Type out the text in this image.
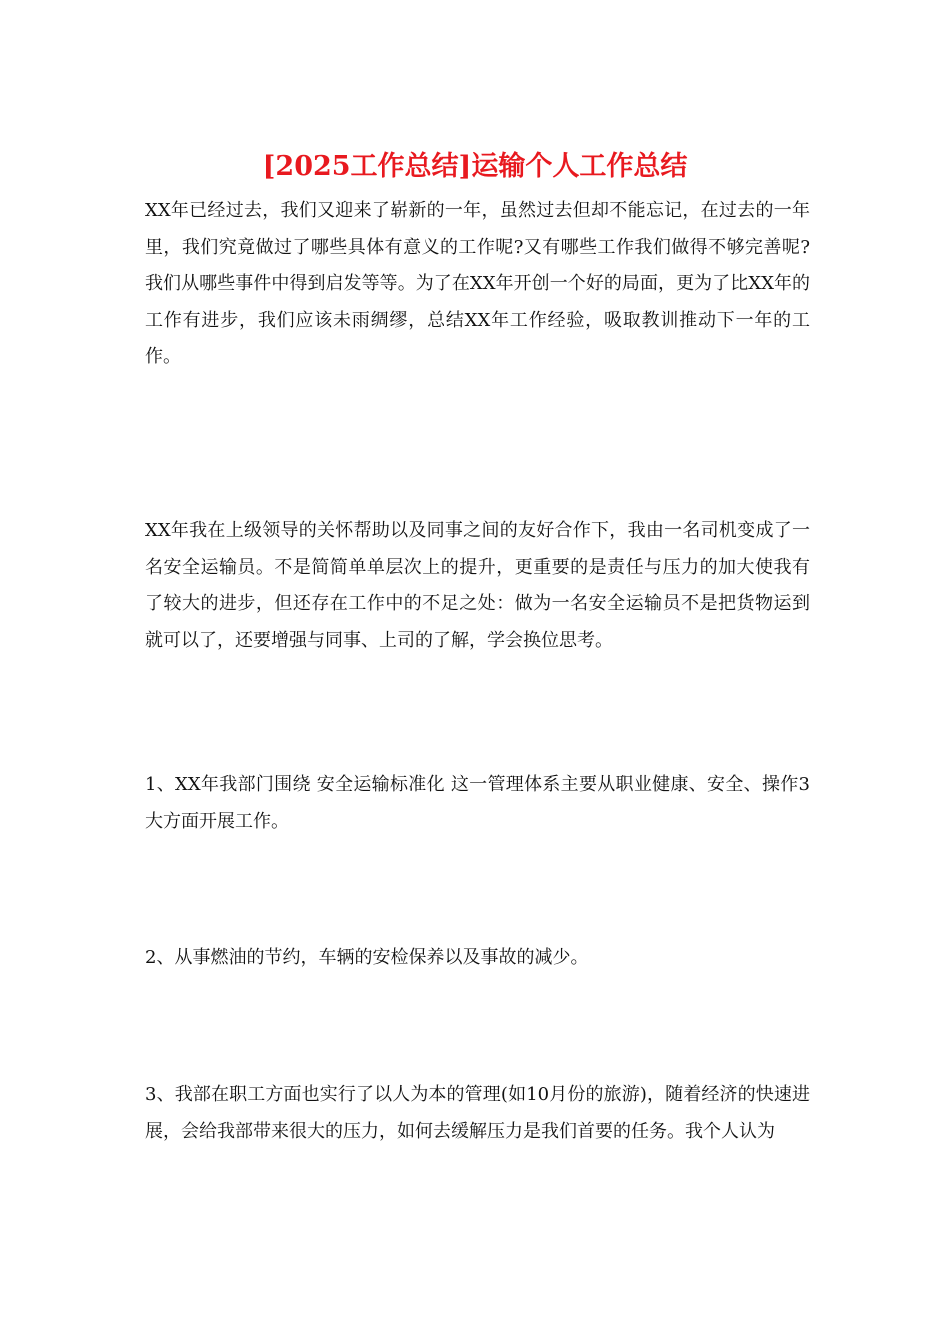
[2025工作总结]运输个人工作总结

XX年已经过去，我们又迎来了崭新的一年，虽然过去但却不能忘记，在过去的一年里，我们究竟做过了哪些具体有意义的工作呢?又有哪些工作我们做得不够完善呢?我们从哪些事件中得到启发等等。为了在XX年开创一个好的局面，更为了比XX年的工作有进步，我们应该未雨绸缪，总结XX年工作经验，吸取教训推动下一年的工作。

XX年我在上级领导的关怀帮助以及同事之间的友好合作下，我由一名司机变成了一名安全运输员。不是简简单单层次上的提升，更重要的是责任与压力的加大使我有了较大的进步，但还存在工作中的不足之处：做为一名安全运输员不是把货物运到就可以了，还要增强与同事、上司的了解，学会换位思考。

1、XX年我部门围绕 安全运输标准化 这一管理体系主要从职业健康、安全、操作3大方面开展工作。

2、从事燃油的节约，车辆的安检保养以及事故的减少。

3、我部在职工方面也实行了以人为本的管理(如10月份的旅游)，随着经济的快速进展，会给我部带来很大的压力，如何去缓解压力是我们首要的任务。我个人认为
